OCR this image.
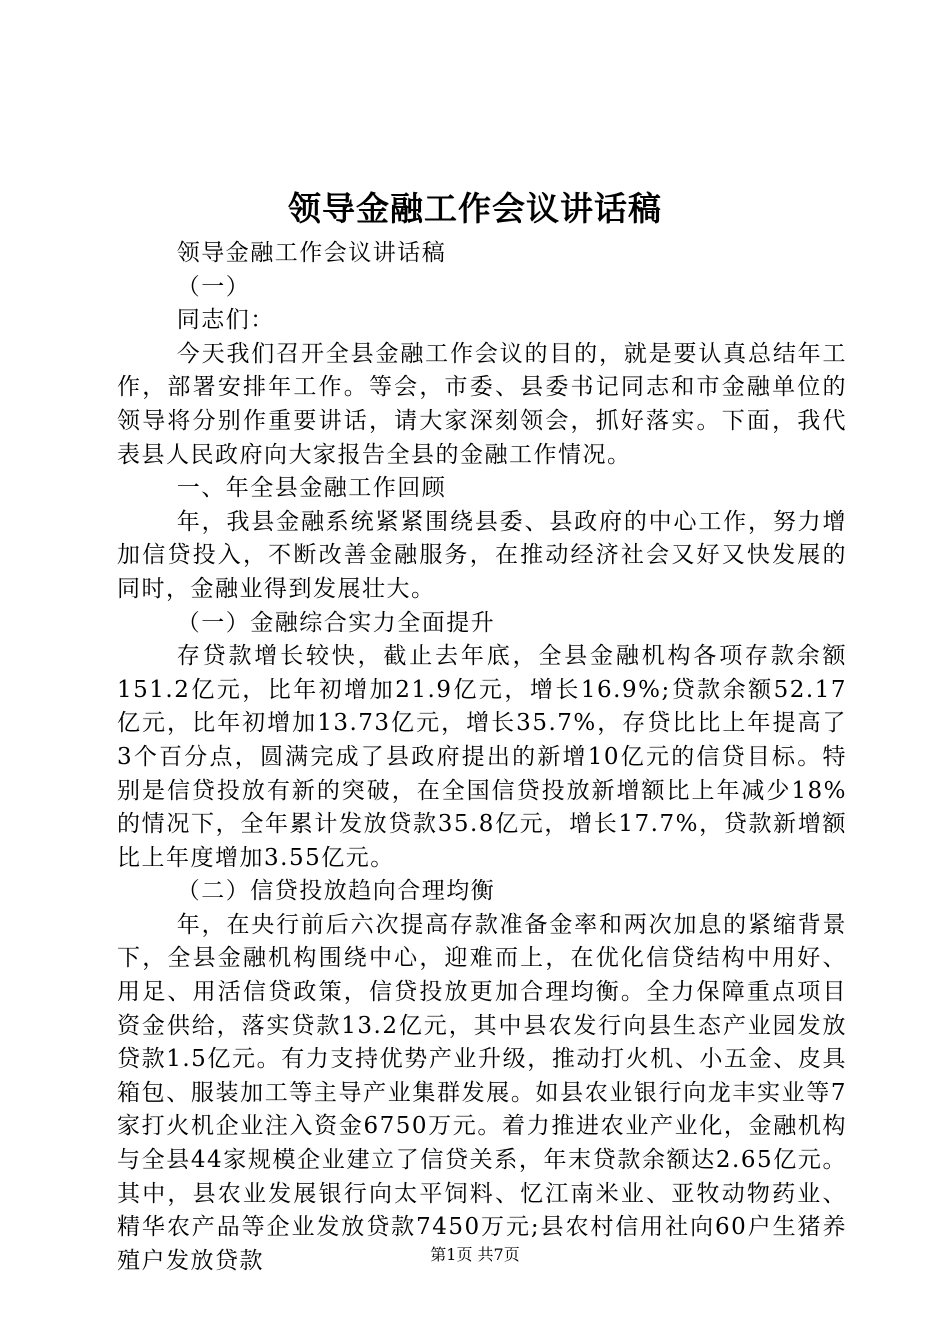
领导金融工作会议讲话稿

领导金融工作会议讲话稿

（一）

同志们：

今天我们召开全县金融工作会议的目的，就是要认真总结年工作，部署安排年工作。等会，市委、县委书记同志和市金融单位的领导将分别作重要讲话，请大家深刻领会，抓好落实。下面，我代表县人民政府向大家报告全县的金融工作情况。

一、年全县金融工作回顾

年，我县金融系统紧紧围绕县委、县政府的中心工作，努力增加信贷投入，不断改善金融服务，在推动经济社会又好又快发展的同时，金融业得到发展壮大。

（一）金融综合实力全面提升

存贷款增长较快，截止去年底，全县金融机构各项存款余额151.2亿元，比年初增加21.9亿元，增长16.9%;贷款余额52.17亿元，比年初增加13.73亿元，增长35.7%，存贷比比上年提高了3个百分点，圆满完成了县政府提出的新增10亿元的信贷目标。特别是信贷投放有新的突破，在全国信贷投放新增额比上年减少18%的情况下，全年累计发放贷款35.8亿元，增长17.7%，贷款新增额比上年度增加3.55亿元。

（二）信贷投放趋向合理均衡

年，在央行前后六次提高存款准备金率和两次加息的紧缩背景下，全县金融机构围绕中心，迎难而上，在优化信贷结构中用好、用足、用活信贷政策，信贷投放更加合理均衡。全力保障重点项目资金供给，落实贷款13.2亿元，其中县农发行向县生态产业园发放贷款1.5亿元。有力支持优势产业升级，推动打火机、小五金、皮具箱包、服装加工等主导产业集群发展。如县农业银行向龙丰实业等7家打火机企业注入资金6750万元。着力推进农业产业化，金融机构与全县44家规模企业建立了信贷关系，年末贷款余额达2.65亿元。其中，县农业发展银行向太平饲料、忆江南米业、亚牧动物药业、精华农产品等企业发放贷款7450万元;县农村信用社向60户生猪养殖户发放贷款	第1页 共7页
